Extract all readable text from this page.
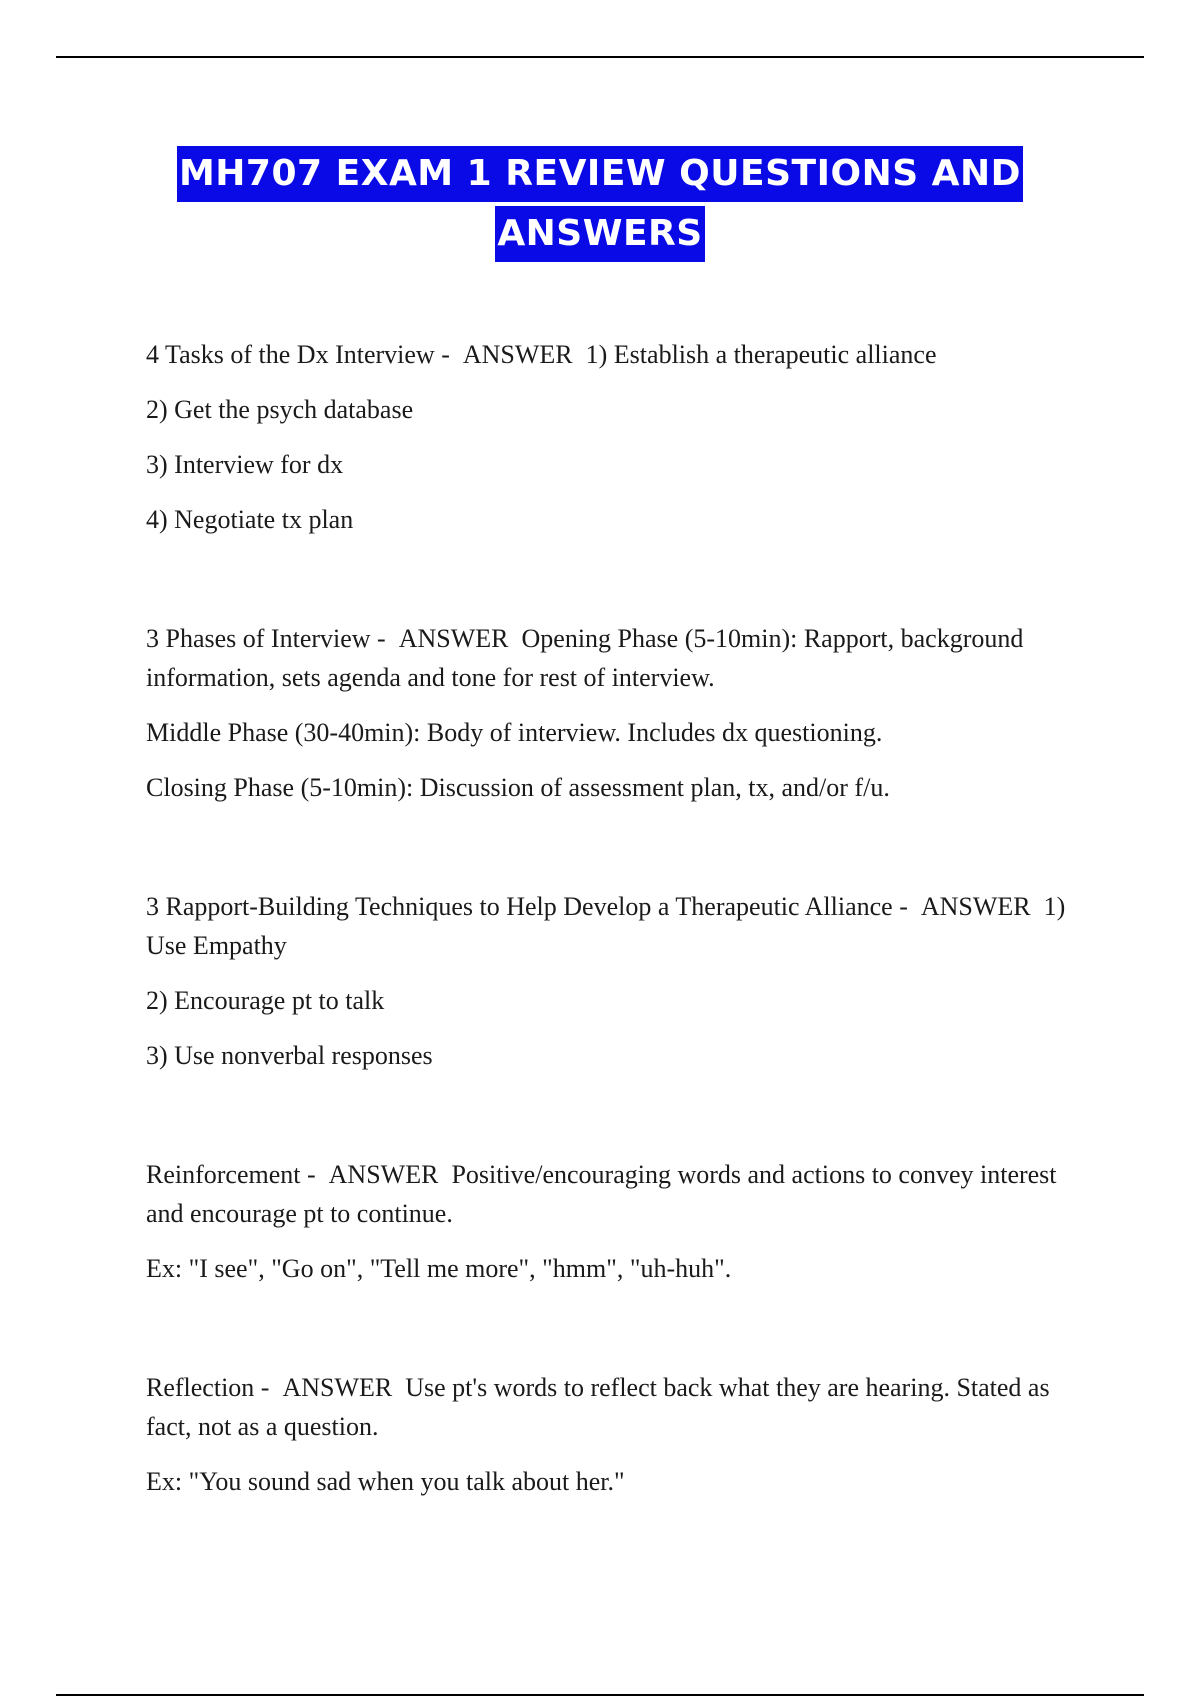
MH707 EXAM 1 REVIEW QUESTIONS AND
ANSWERS

4 Tasks of the Dx Interview - ANSWER 1) Establish a therapeutic alliance

2) Get the psych database

3) Interview for dx

4) Negotiate tx plan

3 Phases of Interview - ANSWER Opening Phase (5-10min): Rapport, background information, sets agenda and tone for rest of interview.

Middle Phase (30-40min): Body of interview. Includes dx questioning.

Closing Phase (5-10min): Discussion of assessment plan, tx, and/or f/u.

3 Rapport-Building Techniques to Help Develop a Therapeutic Alliance - ANSWER 1) Use Empathy

2) Encourage pt to talk

3) Use nonverbal responses

Reinforcement - ANSWER Positive/encouraging words and actions to convey interest and encourage pt to continue.

Ex: "I see", "Go on", "Tell me more", "hmm", "uh-huh".

Reflection - ANSWER Use pt's words to reflect back what they are hearing. Stated as fact, not as a question.

Ex: "You sound sad when you talk about her."
